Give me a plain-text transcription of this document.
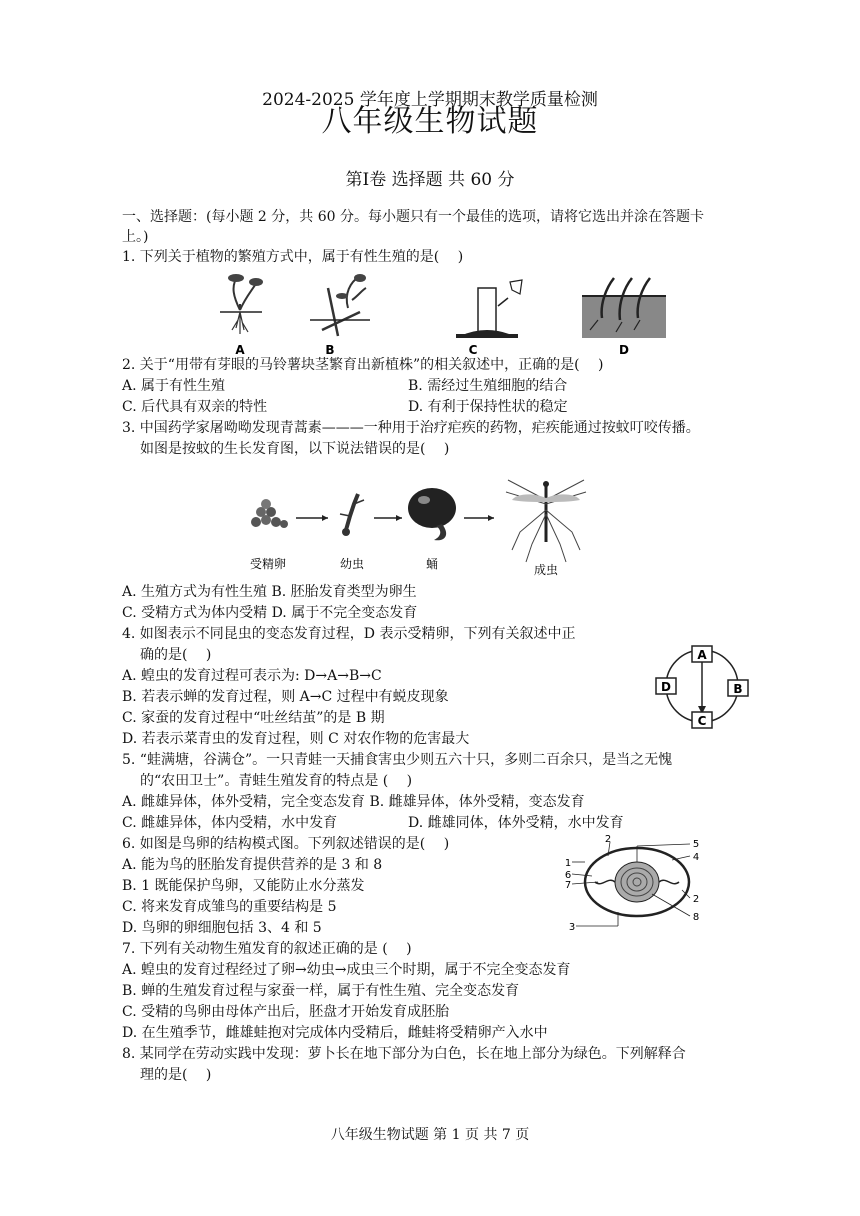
2024-2025 学年度上学期期末教学质量检测
八年级生物试题
第Ⅰ卷 选择题 共 60 分
一、选择题：(每小题 2 分，共 60 分。每小题只有一个最佳的选项，请将它选出并涂在答题卡
上。)
1. 下列关于植物的繁殖方式中，属于有性生殖的是(　 )
A	B	C	D
2. 关于“用带有芽眼的马铃薯块茎繁育出新植株”的相关叙述中，正确的是(　 )
A. 属于有性生殖	B. 需经过生殖细胞的结合
C. 后代具有双亲的特性	D. 有利于保持性状的稳定
3. 中国药学家屠呦呦发现青蒿素———一种用于治疗疟疾的药物，疟疾能通过按蚊叮咬传播。
如图是按蚊的生长发育图，以下说法错误的是(　 )
受精卵	幼虫	蛹	成虫
A. 生殖方式为有性生殖 B. 胚胎发育类型为卵生
C. 受精方式为体内受精 D. 属于不完全变态发育
4. 如图表示不同昆虫的变态发育过程，D 表示受精卵，下列有关叙述中正
确的是(　 )
A. 蝗虫的发育过程可表示为: D→A→B→C
B. 若表示蝉的发育过程，则 A→C 过程中有蜕皮现象
C. 家蚕的发育过程中“吐丝结茧”的是 B 期
D. 若表示菜青虫的发育过程，则 C 对农作物的危害最大
A
B
C
D
5. “蛙满塘，谷满仓”。一只青蛙一天捕食害虫少则五六十只，多则二百余只，是当之无愧
的“农田卫士”。青蛙生殖发育的特点是 (　 )
A. 雌雄异体，体外受精，完全变态发育 B. 雌雄异体，体外受精，变态发育
C. 雌雄异体，体内受精，水中发育	D. 雌雄同体，体外受精，水中发育
6. 如图是鸟卵的结构模式图。下列叙述错误的是(　 )
A. 能为鸟的胚胎发育提供营养的是 3 和 8
B. 1 既能保护鸟卵，又能防止水分蒸发
C. 将来发育成雏鸟的重要结构是 5
D. 鸟卵的卵细胞包括 3、4 和 5
1
2
3
4
5
6
7
8
2
7. 下列有关动物生殖发育的叙述正确的是 (　 )
A. 蝗虫的发育过程经过了卵→幼虫→成虫三个时期，属于不完全变态发育
B. 蝉的生殖发育过程与家蚕一样，属于有性生殖、完全变态发育
C. 受精的鸟卵由母体产出后，胚盘才开始发育成胚胎
D. 在生殖季节，雌雄蛙抱对完成体内受精后，雌蛙将受精卵产入水中
8. 某同学在劳动实践中发现：萝卜长在地下部分为白色，长在地上部分为绿色。下列解释合
理的是(　 )
八年级生物试题 第 1 页 共 7 页
